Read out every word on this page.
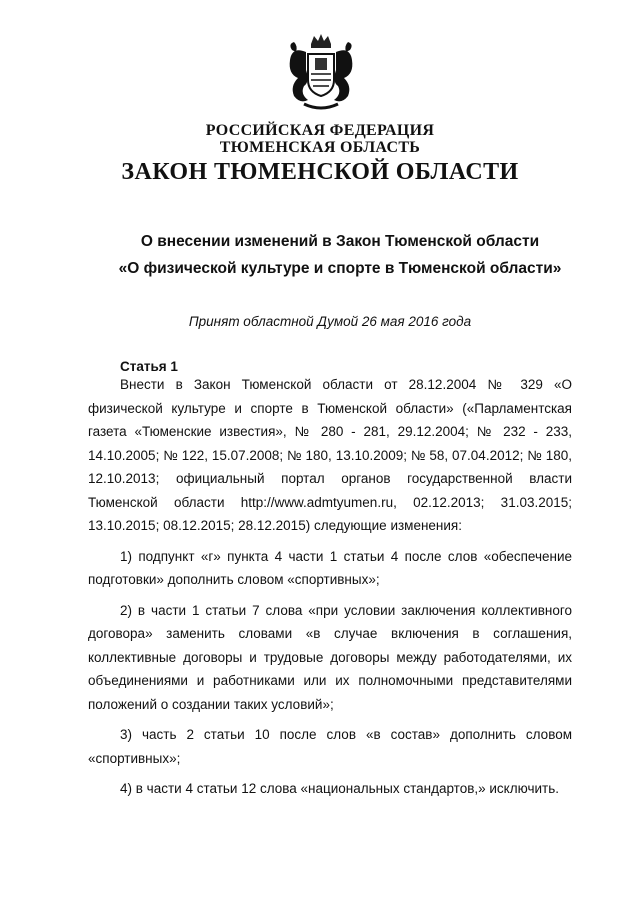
РОССИЙСКАЯ ФЕДЕРАЦИЯ
ТЮМЕНСКАЯ ОБЛАСТЬ
ЗАКОН ТЮМЕНСКОЙ ОБЛАСТИ

О внесении изменений в Закон Тюменской области

«О физической культуре и спорте в Тюменской области»

Принят областной Думой 26 мая 2016 года

Статья 1

Внести в Закон Тюменской области от 28.12.2004 № 329 «О физической культуре и спорте в Тюменской области» («Парламентская газета «Тюменские известия», № 280 - 281, 29.12.2004; № 232 - 233, 14.10.2005; № 122, 15.07.2008; № 180, 13.10.2009; № 58, 07.04.2012; № 180, 12.10.2013; официальный портал органов государственной власти Тюменской области http://www.admtyumen.ru, 02.12.2013; 31.03.2015; 13.10.2015; 08.12.2015; 28.12.2015) следующие изменения:

1) подпункт «г» пункта 4 части 1 статьи 4 после слов «обеспечение подготовки» дополнить словом «спортивных»;

2) в части 1 статьи 7 слова «при условии заключения коллективного договора» заменить словами «в случае включения в соглашения, коллективные договоры и трудовые договоры между работодателями, их объединениями и работниками или их полномочными представителями положений о создании таких условий»;

3) часть 2 статьи 10 после слов «в состав» дополнить словом «спортивных»;

4) в части 4 статьи 12 слова «национальных стандартов,» исключить.
